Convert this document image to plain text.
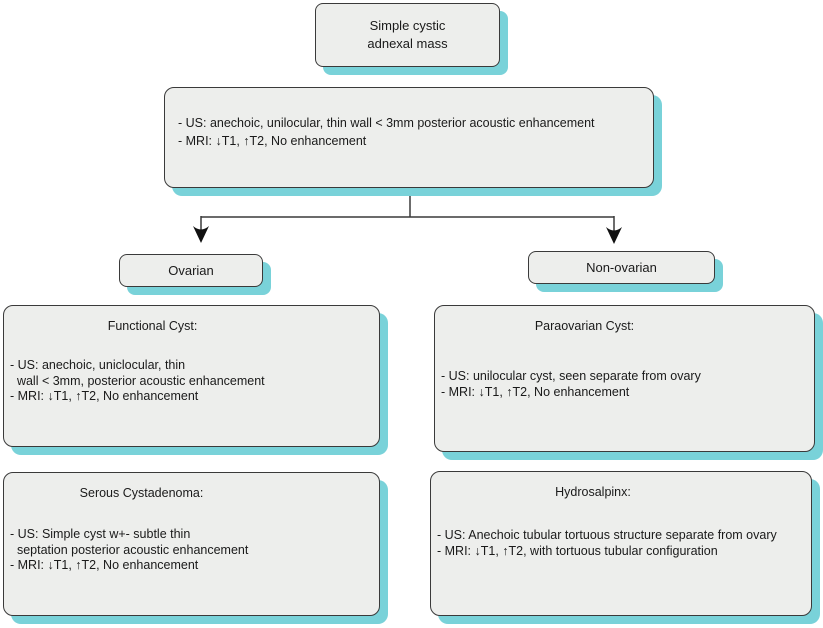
Simple cystic
adnexal mass
- US: anechoic, unilocular, thin wall < 3mm posterior acoustic enhancement
- MRI: ↓T1, ↑T2, No enhancement
Ovarian	Non-ovarian
Functional Cyst:
- US: anechoic, uniclocular, thin
wall < 3mm, posterior acoustic enhancement
- MRI: ↓T1, ↑T2, No enhancement
Paraovarian Cyst:
- US: unilocular cyst, seen separate from ovary
- MRI: ↓T1, ↑T2, No enhancement
Serous Cystadenoma:
- US: Simple cyst w+- subtle thin
septation posterior acoustic enhancement
- MRI: ↓T1, ↑T2, No enhancement
Hydrosalpinx:
- US: Anechoic tubular tortuous structure separate from ovary
- MRI: ↓T1, ↑T2, with tortuous tubular configuration
